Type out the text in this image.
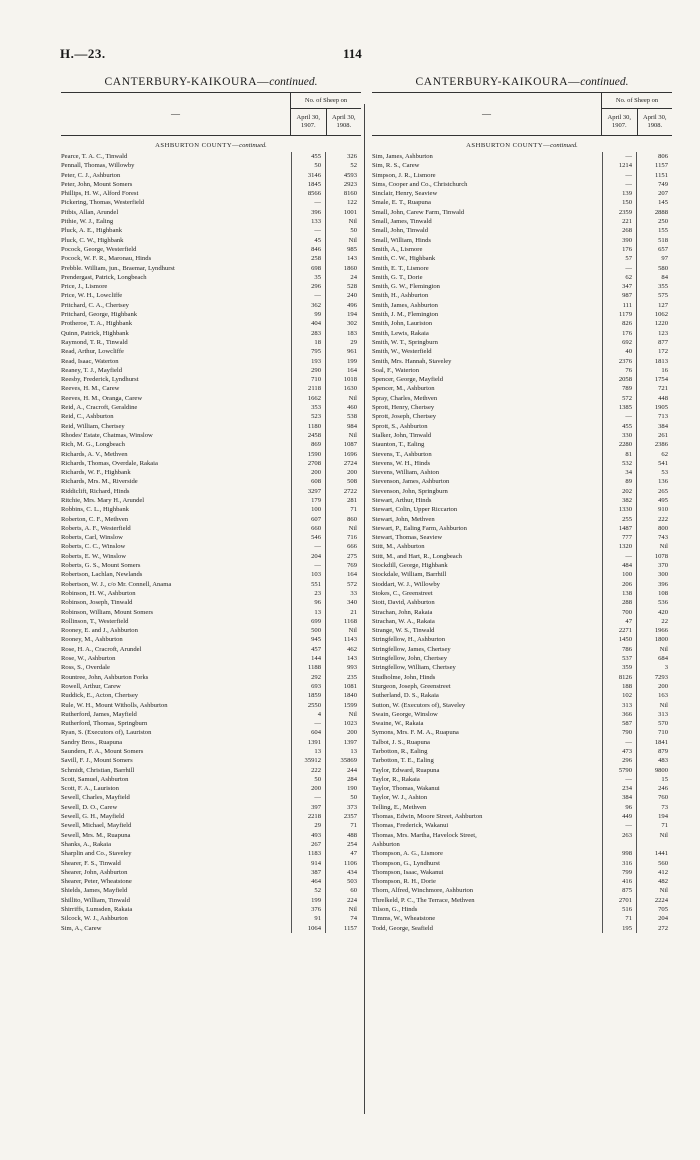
H.—23.	114
CANTERBURY-KAIKOURA—continued.
—
No. of Sheep on
April 30, 1907.
April 30, 1908.
ASHBURTON COUNTY—continued.
Pearce, T. A. C., Tinwald	455	326
Pennall, Thomas, Willowby	50	52
Peter, C. J., Ashburton	3146	4593
Peter, John, Mount Somers	1845	2923
Phillips, H. W., Alford Forest	8566	8160
Pickering, Thomas, Westerfield	—	122
Pitbis, Allan, Arundel	396	1001
Pithie, W. J., Ealing	133	Nil
Pluck, A. E., Highbank	—	50
Pluck, C. W., Highbank	45	Nil
Pocock, George, Westerfield	846	985
Pocock, W. F. R., Maronau, Hinds	258	143
Prebble. William, jun., Braemar, Lyndhurst	698	1860
Prendergast, Patrick, Longbeach	35	24
Price, J., Lismore	296	528
Price, W. H., Lowcliffe	—	240
Pritchard, C. A., Chertsey	362	496
Pritchard, George, Highbank	99	194
Protheroe, T. A., Highbank	404	302
Quinn, Patrick, Highbank	283	183
Raymond, T. R., Tinwald	18	29
Read, Arthur, Lowcliffe	795	961
Read, Isaac, Waterton	193	199
Reaney, T. J., Mayfield	290	164
Reesby, Frederick, Lyndhurst	710	1018
Reeves, H. M., Carew	2118	1630
Reeves, H. M., Oranga, Carew	1662	Nil
Reid, A., Cracroft, Geraldine	353	460
Reid, C., Ashburton	523	538
Reid, William, Chertsey	1180	984
Rhodes' Estate, Chatmas, Winslow	2458	Nil
Rich, M. G., Longbeach	869	1087
Richards, A. V., Methven	1590	1696
Richards, Thomas, Overdale, Rakaia	2708	2724
Richards, W. F., Highbank	200	200
Richards, Mrs. M., Riverside	608	508
Riddiclift, Richard, Hinds	3297	2722
Ritchie, Mrs. Mary H., Arundel	179	281
Robbins, C. L., Highbank	100	71
Roberton, C. F., Methven	607	860
Roberts, A. F., Westerfield	660	Nil
Roberts, Carl, Winslow	546	716
Roberts, C. C., Winslow	—	666
Roberts, E. W., Winslow	204	275
Roberts, G. S., Mount Somers	—	769
Robertson, Lachlan, Newlands	103	164
Robertson, W. J., c/o Mr. Connell, Anama	551	572
Robinson, H. W., Ashburton	23	33
Robinson, Joseph, Tinwald	96	340
Robinson, William, Mount Somers	13	21
Rollinson, T., Westerfield	699	1168
Rooney, E. and J., Ashburton	500	Nil
Rooney, M., Ashburton	945	1143
Rose, H. A., Cracroft, Arundel	457	462
Rose, W., Ashburton	144	143
Ross, S., Overdale	1188	993
Rountree, John, Ashburton Forks	292	235
Rowell, Arthur, Carew	693	1081
Ruddick, E., Acton, Chertsey	1859	1840
Rule, W. H., Mount Witholls, Ashburton	2550	1599
Rutherford, James, Mayfield	4	Nil
Rutherford, Thomas, Springburn	—	1023
Ryan, S. (Executors of), Lauriston	604	200
Sandry Bros., Ruapuna	1391	1397
Saunders, F. A., Mount Somers	13	13
Savill, F. J., Mount Somers	35912	35869
Schmidt, Christian, Barrhill	222	244
Scott, Samuel, Ashburton	50	284
Scott, F. A., Lauriston	200	190
Sewell, Charles, Mayfield	—	50
Sewell, D. O., Carew	397	373
Sewell, G. H., Mayfield	2218	2357
Sewell, Michael, Mayfield	29	71
Sewell, Mrs. M., Ruapuna	493	488
Shanks, A., Rakaia	267	254
Sharplin and Co., Staveley	1183	47
Shearer, F. S., Tinwald	914	1106
Shearer, John, Ashburton	387	434
Shearer, Peter, Wheatstone	464	503
Shields, James, Mayfield	52	60
Shillito, William, Tinwald	199	224
Shirriffs, Lumsden, Rakaia	376	Nil
Silcock, W. J., Ashburton	91	74
Sim, A., Carew	1064	1157
CANTERBURY-KAIKOURA—continued.
—
No. of Sheep on
April 30, 1907.
April 30, 1908.
ASHBURTON COUNTY—continued.
Sim, James, Ashburton	—	806
Sim, R. S., Carew	1214	1157
Simpson, J. R., Lismore	—	1151
Sims, Cooper and Co., Christchurch	—	749
Sinclair, Henry, Seaview	139	207
Smale, E. T., Ruapuna	150	145
Small, John, Carew Farm, Tinwald	2359	2888
Small, James, Tinwald	221	250
Small, John, Tinwald	268	155
Small, William, Hinds	390	518
Smith, A., Lismore	176	657
Smith, C. W., Highbank	57	97
Smith, E. T., Lismore	—	580
Smith, G. T., Dorie	62	84
Smith, G. W., Flemington	347	355
Smith, H., Ashburton	987	575
Smith, James, Ashburton	111	127
Smith, J. M., Flemington	1179	1062
Smith, John, Lauriston	826	1220
Smith, Lewis, Rakaia	176	123
Smith, W. T., Springburn	692	877
Smith, W., Westerfield	40	172
Smith, Mrs. Hannah, Staveley	2376	1813
Soal, F., Waterton	76	16
Spencer, George, Mayfield	2058	1754
Spencer, M., Ashburton	789	721
Spray, Charles, Methven	572	448
Sprott, Henry, Chertsey	1385	1905
Sprott, Joseph, Chertsey	—	713
Sprott, S., Ashburton	455	384
Stalker, John, Tinwald	330	261
Staunton, T., Ealing	2280	2386
Stevens, T., Ashburton	81	62
Stevens, W. H., Hinds	532	541
Stevens, William, Ashton	34	53
Stevenson, James, Ashburton	89	136
Stevenson, John, Springburn	202	265
Stewart, Arthur, Hinds	382	495
Stewart, Colin, Upper Riccarton	1330	910
Stewart, John, Methven	255	222
Stewart, P., Ealing Farm, Ashburton	1487	800
Stewart, Thomas, Seaview	777	743
Stitt, M., Ashburton	1320	Nil
Stitt, M., and Hart, R., Longbeach	—	1078
Stockdill, George, Highbank	484	370
Stockdale, William, Barrhill	100	300
Stoddart, W. J., Willowby	206	396
Stokes, C., Greenstreet	138	108
Stott, David, Ashburton	288	536
Strachan, John, Rakaia	700	420
Strachan, W. A., Rakaia	47	22
Strange, W. S., Tinwald	2271	1966
Stringfellow, H., Ashburton	1450	1800
Stringfellow, James, Chertsey	786	Nil
Stringfellow, John, Chertsey	537	684
Stringfellow, William, Chertsey	359	3
Studholme, John, Hinds	8126	7293
Sturgeon, Joseph, Greenstreet	188	200
Sutherland, D. S., Rakaia	102	163
Sutton, W. (Executors of), Staveley	313	Nil
Swain, George, Winslow	366	313
Swaine, W., Rakaia	587	570
Symons, Mrs. F. M. A., Ruapuna	790	710
Talbot, J. S., Ruapuna	—	1841
Tarbotton, R., Ealing	473	879
Tarbotton, T. E., Ealing	296	483
Taylor, Edward, Ruapuna	5790	9800
Taylor, R., Rakaia	—	15
Taylor, Thomas, Wakanui	234	246
Taylor, W. J., Ashton	384	760
Telling, E., Methven	96	73
Thomas, Edwin, Moore Street, Ashburton	449	194
Thomas, Frederick, Wakanui	—	71
Thomas, Mrs. Martha, Havelock Street,	263	Nil
Ashburton
Thompson, A. G., Lismore	998	1441
Thompson, G., Lyndhurst	316	560
Thompson, Isaac, Wakanui	799	412
Thompson, R. H., Dorie	416	482
Thorn, Alfred, Winchmore, Ashburton	875	Nil
Threlkeld, P. C., The Terrace, Methven	2701	2224
Tilson, G., Hinds	516	705
Timms, W., Wheatstone	71	204
Todd, George, Seafield	195	272
